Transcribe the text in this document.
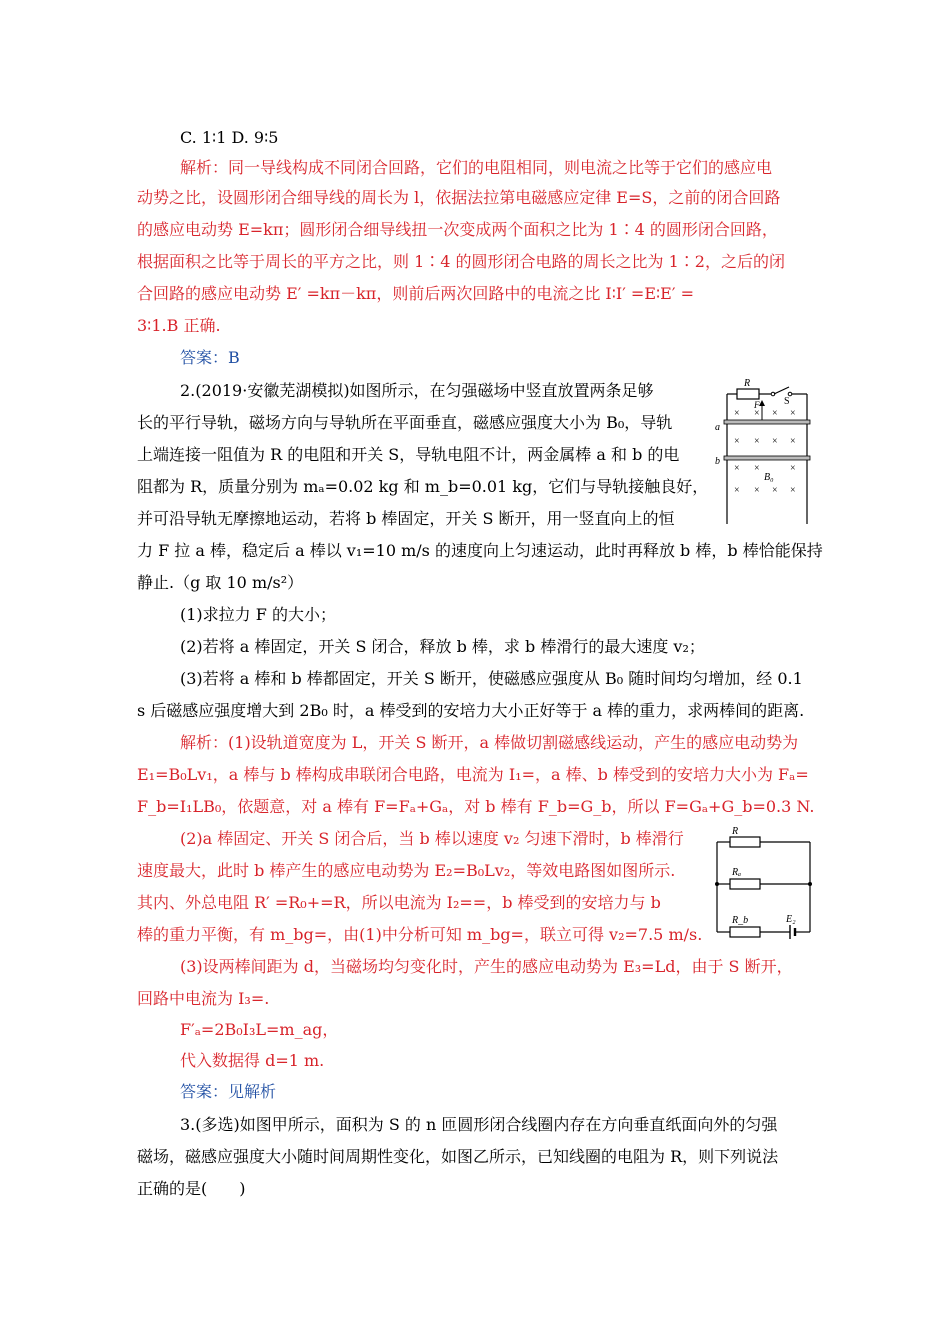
C. 1∶1 D. 9∶5
解析：同一导线构成不同闭合回路，它们的电阻相同，则电流之比等于它们的感应电
动势之比，设圆形闭合细导线的周长为 l，依据法拉第电磁感应定律 E=S，之前的闭合回路
的感应电动势 E=kπ；圆形闭合细导线扭一次变成两个面积之比为 1∶4 的圆形闭合回路，
根据面积之比等于周长的平方之比，则 1∶4 的圆形闭合电路的周长之比为 1∶2，之后的闭
合回路的感应电动势 E′ =kπ－kπ，则前后两次回路中的电流之比 I∶I′ =E∶E′ =
3∶1.B 正确.
答案：B
2.(2019·安徽芜湖模拟)如图所示，在匀强磁场中竖直放置两条足够
长的平行导轨，磁场方向与导轨所在平面垂直，磁感应强度大小为 B₀，导轨
上端连接一阻值为 R 的电阻和开关 S，导轨电阻不计，两金属棒 a 和 b 的电
阻都为 R，质量分别为 mₐ=0.02 kg 和 m_b=0.01 kg，它们与导轨接触良好，
并可沿导轨无摩擦地运动，若将 b 棒固定，开关 S 断开，用一竖直向上的恒
力 F 拉 a 棒，稳定后 a 棒以 v₁=10 m/s 的速度向上匀速运动，此时再释放 b 棒，b 棒恰能保持
静止.（g 取 10 m/s²）
R
S
a
F
b
B₀
× × × ×
× × × ×
× ×	×
× × × ×
(1)求拉力 F 的大小；
(2)若将 a 棒固定，开关 S 闭合，释放 b 棒，求 b 棒滑行的最大速度 v₂；
(3)若将 a 棒和 b 棒都固定，开关 S 断开，使磁感应强度从 B₀ 随时间均匀增加，经 0.1
s 后磁感应强度增大到 2B₀ 时，a 棒受到的安培力大小正好等于 a 棒的重力，求两棒间的距离.
解析：(1)设轨道宽度为 L，开关 S 断开，a 棒做切割磁感线运动，产生的感应电动势为
E₁=B₀Lv₁，a 棒与 b 棒构成串联闭合电路，电流为 I₁=，a 棒、b 棒受到的安培力大小为 Fₐ=
F_b=I₁LB₀，依题意，对 a 棒有 F=Fₐ+Gₐ，对 b 棒有 F_b=G_b，所以 F=Gₐ+G_b=0.3 N.
(2)a 棒固定、开关 S 闭合后，当 b 棒以速度 v₂ 匀速下滑时，b 棒滑行
速度最大，此时 b 棒产生的感应电动势为 E₂=B₀Lv₂，等效电路图如图所示.
其内、外总电阻 R′ =R₀+=R，所以电流为 I₂==，b 棒受到的安培力与 b
棒的重力平衡，有 m_bg=，由(1)中分析可知 m_bg=，联立可得 v₂=7.5 m/s.
R
Rₐ
R_b	E₂
(3)设两棒间距为 d，当磁场均匀变化时，产生的感应电动势为 E₃=Ld，由于 S 断开，
回路中电流为 I₃=.
F′ₐ=2B₀I₃L=m_ag，
代入数据得 d=1 m.
答案：见解析
3.(多选)如图甲所示，面积为 S 的 n 匝圆形闭合线圈内存在方向垂直纸面向外的匀强
磁场，磁感应强度大小随时间周期性变化，如图乙所示，已知线圈的电阻为 R，则下列说法
正确的是(　　)
